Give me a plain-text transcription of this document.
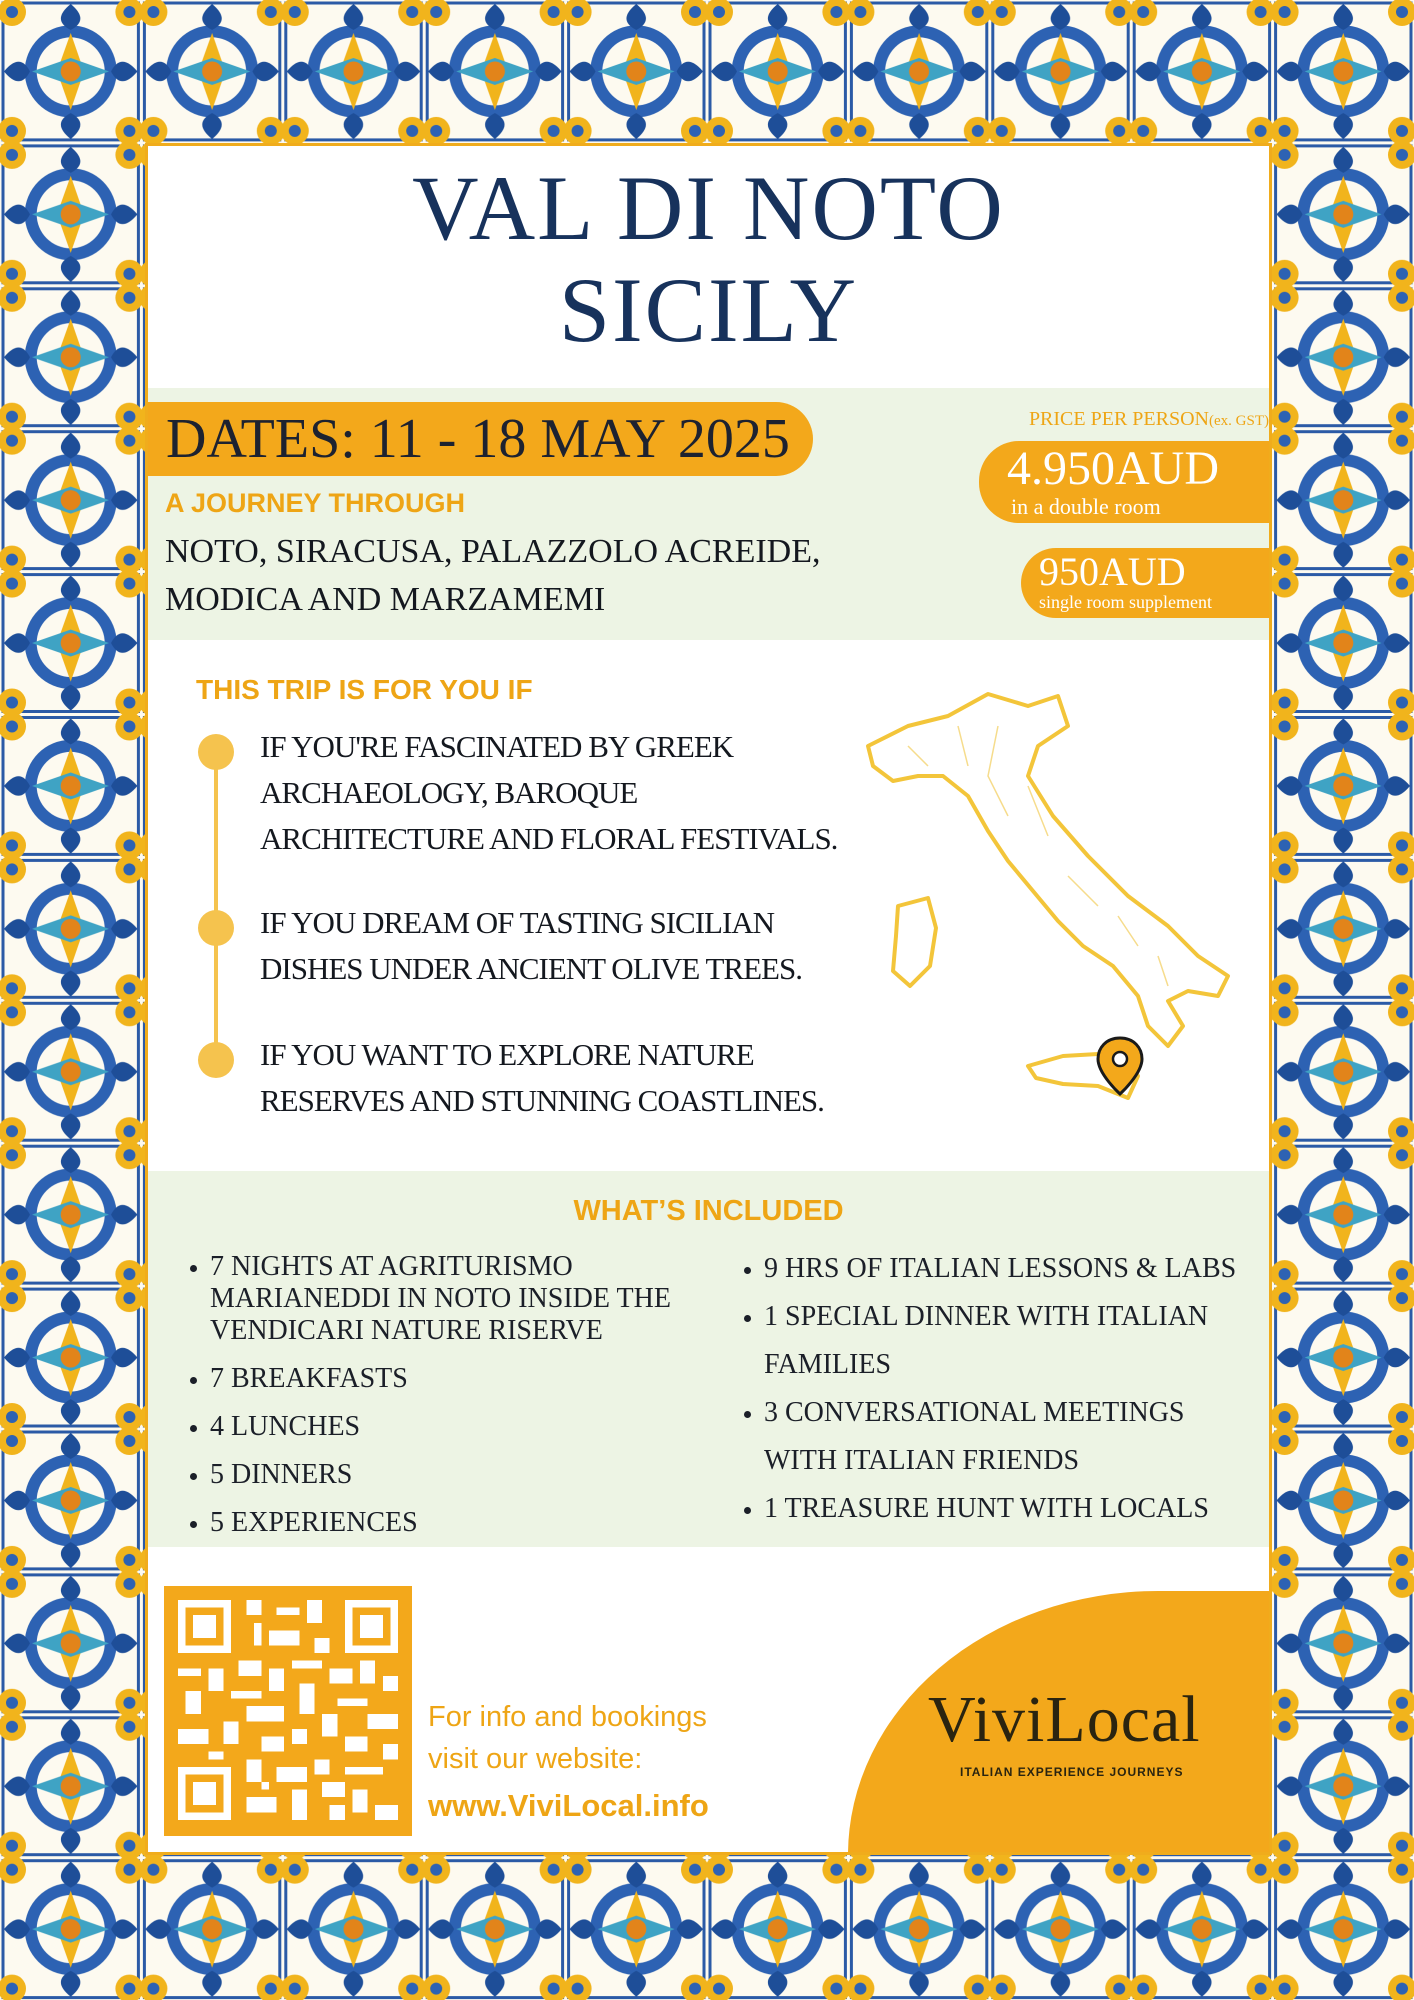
VAL DI NOTO
SICILY
DATES: 11 - 18 MAY 2025
A JOURNEY THROUGH
NOTO, SIRACUSA, PALAZZOLO ACREIDE,
MODICA AND MARZAMEMI
PRICE PER PERSON(ex. GST)
4.950AUD
in a double room
950AUD
single room supplement
THIS TRIP IS FOR YOU IF
IF YOU'RE FASCINATED BY GREEK
ARCHAEOLOGY, BAROQUE
ARCHITECTURE AND FLORAL FESTIVALS.
IF YOU DREAM OF TASTING SICILIAN
DISHES UNDER ANCIENT OLIVE TREES.
IF YOU WANT TO EXPLORE NATURE
RESERVES AND STUNNING COASTLINES.
WHAT’S INCLUDED
• 7 NIGHTS AT AGRITURISMO MARIANEDDI IN NOTO INSIDE THE VENDICARI NATURE RISERVE
• 7 BREAKFASTS
• 4 LUNCHES
• 5 DINNERS
• 5 EXPERIENCES
• 9 HRS OF ITALIAN LESSONS & LABS
• 1 SPECIAL DINNER WITH ITALIAN FAMILIES
• 3 CONVERSATIONAL MEETINGS WITH ITALIAN FRIENDS
• 1 TREASURE HUNT WITH LOCALS
For info and bookings
visit our website:
www.ViviLocal.info
ViviLocal
ITALIAN EXPERIENCE JOURNEYS
